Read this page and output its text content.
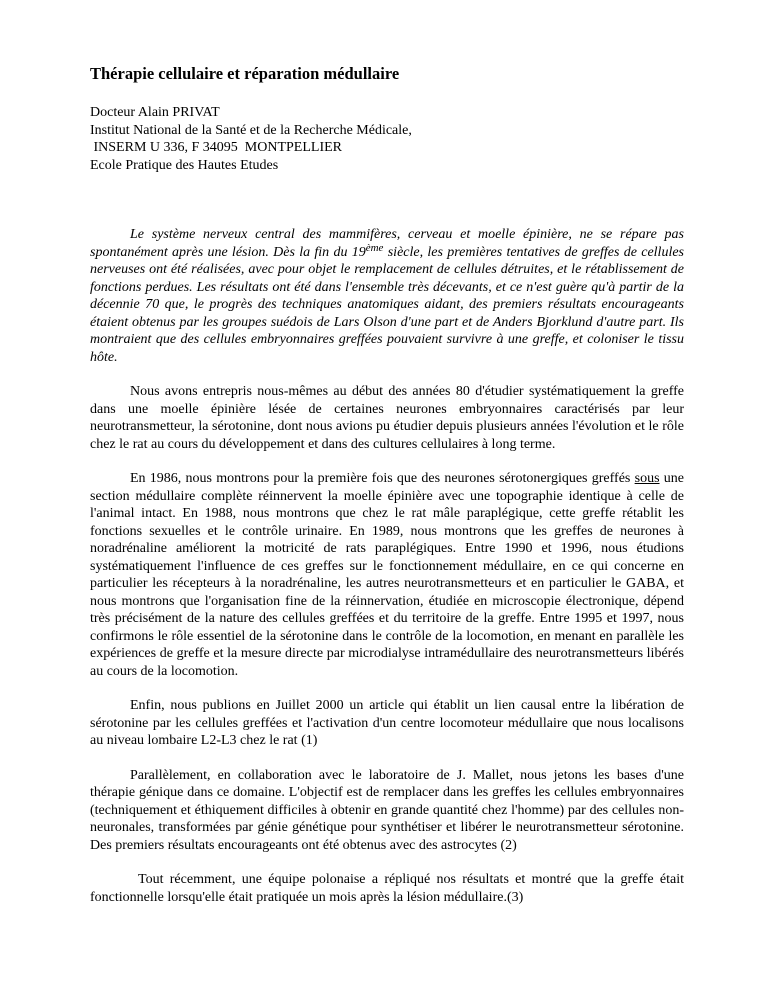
Thérapie cellulaire et réparation médullaire
Docteur Alain PRIVAT
Institut National de la Santé et de la Recherche Médicale,
INSERM U 336, F 34095  MONTPELLIER
Ecole Pratique des Hautes Etudes

Le système nerveux central des mammifères, cerveau et moelle épinière, ne se répare pas spontanément après une lésion. Dès la fin du 19ème siècle, les premières tentatives de greffes de cellules nerveuses ont été réalisées, avec pour objet le remplacement de cellules détruites, et le rétablissement de fonctions perdues. Les résultats ont été dans l'ensemble très décevants, et ce n'est guère qu'à partir de la décennie 70 que, le progrès des techniques anatomiques aidant, des premiers résultats encourageants étaient obtenus par les groupes suédois de Lars Olson d'une part et de Anders Bjorklund d'autre part. Ils montraient que des cellules embryonnaires greffées pouvaient survivre à une greffe, et coloniser le tissu hôte.

Nous avons entrepris nous-mêmes au début des années 80 d'étudier systématiquement la greffe dans une moelle épinière lésée de certaines neurones embryonnaires caractérisés par leur neurotransmetteur, la sérotonine, dont nous avions pu étudier depuis plusieurs années l'évolution et le rôle chez le rat au cours du développement et dans des cultures cellulaires à long terme.

En 1986, nous montrons pour la première fois que des neurones sérotonergiques greffés sous une section médullaire complète réinnervent la moelle épinière avec une topographie identique à celle de l'animal intact. En 1988, nous montrons que chez le rat mâle paraplégique, cette greffe rétablit les fonctions sexuelles et le contrôle urinaire. En 1989, nous montrons que les greffes de neurones à noradrénaline améliorent la motricité de rats paraplégiques. Entre 1990 et 1996, nous étudions systématiquement l'influence de ces greffes sur le fonctionnement médullaire, en ce qui concerne en particulier les récepteurs à la noradrénaline, les autres neurotransmetteurs et en particulier le GABA, et nous montrons que l'organisation fine de la réinnervation, étudiée en microscopie électronique, dépend très précisément de la nature des cellules greffées et du territoire de la greffe. Entre 1995 et 1997, nous confirmons le rôle essentiel de la sérotonine dans le contrôle de la locomotion, en menant en parallèle les expériences de greffe et la mesure directe par microdialyse intramédullaire des neurotransmetteurs libérés au cours de la locomotion.

Enfin, nous publions en Juillet 2000 un article qui établit un lien causal entre la libération de sérotonine par les cellules greffées et l'activation d'un centre locomoteur médullaire que nous localisons au niveau lombaire L2-L3 chez le rat (1)

Parallèlement, en collaboration avec le laboratoire de J. Mallet, nous jetons les bases d'une thérapie génique dans ce domaine. L'objectif est de remplacer dans les greffes les cellules embryonnaires (techniquement et éthiquement difficiles à obtenir en grande quantité chez l'homme) par des cellules non-neuronales, transformées par génie génétique pour synthétiser et libérer le neurotransmetteur sérotonine. Des premiers résultats encourageants ont été obtenus avec des astrocytes (2)

Tout récemment, une équipe polonaise a répliqué nos résultats et montré que la greffe était fonctionnelle lorsqu'elle était pratiquée un mois après la lésion médullaire.(3)
